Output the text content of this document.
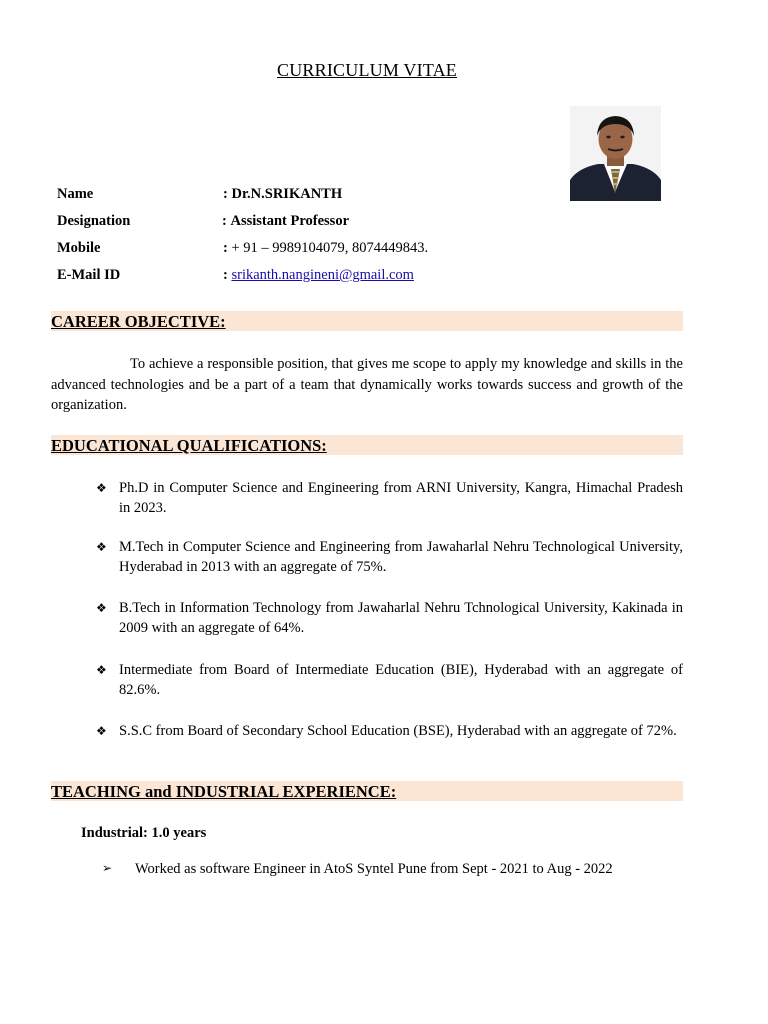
CURRICULUM VITAE
Name	: Dr.N.SRIKANTH
Designation	: Assistant Professor
Mobile	: + 91 – 9989104079, 8074449843.
E-Mail ID	: srikanth.nangineni@gmail.com
CAREER OBJECTIVE:
To achieve a responsible position, that gives me scope to apply my knowledge and skills in the advanced technologies and be a part of a team that dynamically works towards success and growth of the organization.
EDUCATIONAL QUALIFICATIONS:
❖ Ph.D in Computer Science and Engineering from ARNI University, Kangra, Himachal Pradesh in 2023.
❖ M.Tech in Computer Science and Engineering from Jawaharlal Nehru Technological University, Hyderabad in 2013 with an aggregate of 75%.
❖ B.Tech in Information Technology from Jawaharlal Nehru Tchnological University, Kakinada in 2009 with an aggregate of 64%.
❖ Intermediate from Board of Intermediate Education (BIE), Hyderabad with an aggregate of 82.6%.
❖ S.S.C from Board of Secondary School Education (BSE), Hyderabad with an aggregate of 72%.
TEACHING and INDUSTRIAL EXPERIENCE:
Industrial: 1.0 years
➢ Worked as software Engineer in AtoS Syntel Pune from Sept - 2021 to Aug - 2022
